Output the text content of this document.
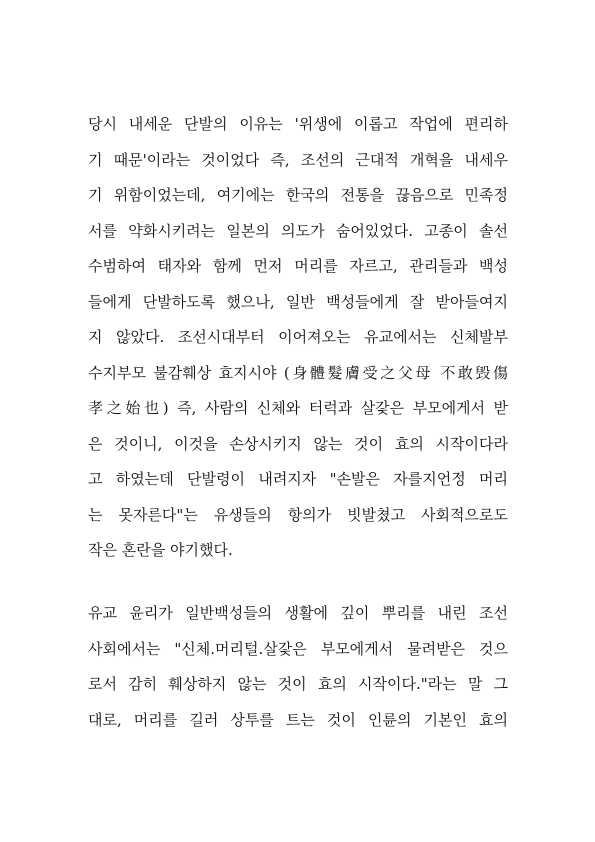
당시 내세운 단발의 이유는 '위생에 이롭고 작업에 편리하
기 때문'이라는 것이었다 즉, 조선의 근대적 개혁을 내세우
기 위함이었는데, 여기에는 한국의 전통을 끊음으로 민족정
서를 약화시키려는 일본의 의도가 숨어있었다. 고종이 솔선
수범하여 태자와 함께 먼저 머리를 자르고, 관리들과 백성
들에게 단발하도록 했으나, 일반 백성들에게 잘 받아들여지
지 않았다. 조선시대부터 이어져오는 유교에서는 신체발부
수지부모 불감훼상 효지시야 (身體髮膚受之父母 不敢毁傷
孝之始也) 즉, 사람의 신체와 터럭과 살갗은 부모에게서 받
은 것이니, 이것을 손상시키지 않는 것이 효의 시작이다라
고 하였는데 단발령이 내려지자 "손발은 자를지언정 머리
는 못자른다"는 유생들의 항의가 빗발쳤고 사회적으로도
작은 혼란을 야기했다.
유교 윤리가 일반백성들의 생활에 깊이 뿌리를 내린 조선
사회에서는 "신체.머리털.살갗은 부모에게서 물려받은 것으
로서 감히 훼상하지 않는 것이 효의 시작이다."라는 말 그
대로, 머리를 길러 상투를 트는 것이 인륜의 기본인 효의
